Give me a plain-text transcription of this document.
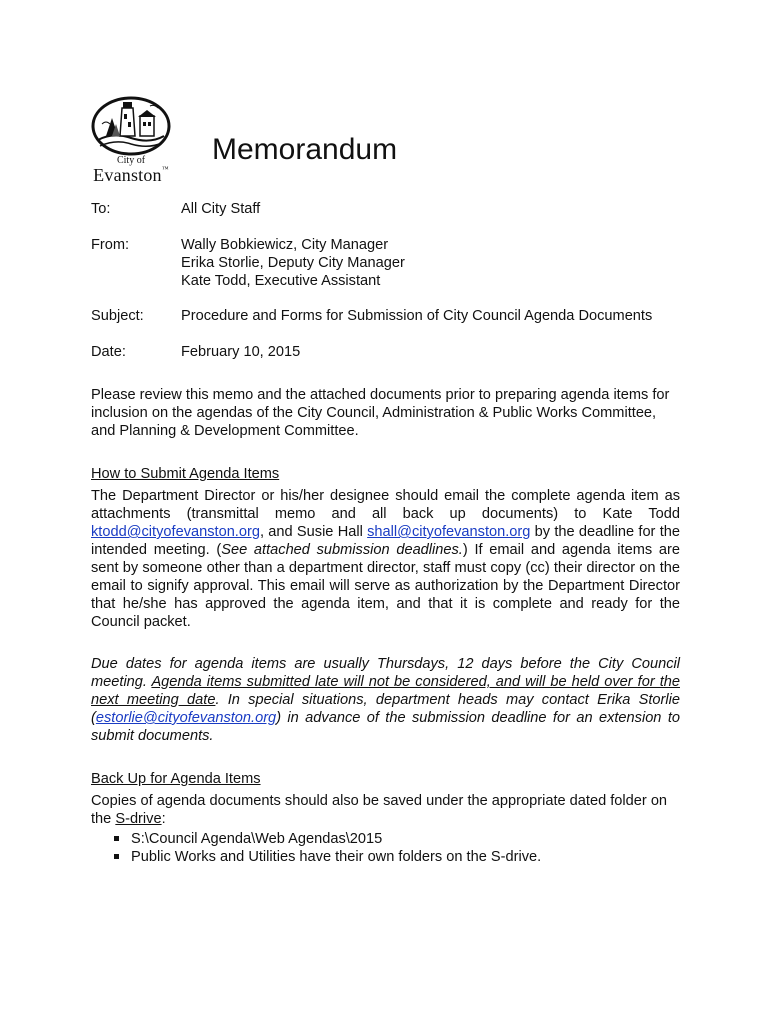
City of
Evanston™
Memorandum
To:	All City Staff
From:	Wally Bobkiewicz, City Manager
Erika Storlie, Deputy City Manager
Kate Todd, Executive Assistant
Subject:	Procedure and Forms for Submission of City Council Agenda Documents
Date:	February 10, 2015
Please review this memo and the attached documents prior to preparing agenda items for inclusion on the agendas of the City Council, Administration & Public Works Committee, and Planning & Development Committee.
How to Submit Agenda Items
The Department Director or his/her designee should email the complete agenda item as attachments (transmittal memo and all back up documents) to Kate Todd ktodd@cityofevanston.org, and Susie Hall shall@cityofevanston.org by the deadline for the intended meeting. (See attached submission deadlines.) If email and agenda items are sent by someone other than a department director, staff must copy (cc) their director on the email to signify approval. This email will serve as authorization by the Department Director that he/she has approved the agenda item, and that it is complete and ready for the Council packet.
Due dates for agenda items are usually Thursdays, 12 days before the City Council meeting. Agenda items submitted late will not be considered, and will be held over for the next meeting date. In special situations, department heads may contact Erika Storlie (estorlie@cityofevanston.org) in advance of the submission deadline for an extension to submit documents.
Back Up for Agenda Items
Copies of agenda documents should also be saved under the appropriate dated folder on the S-drive:
S:\Council Agenda\Web Agendas\2015
Public Works and Utilities have their own folders on the S-drive.
